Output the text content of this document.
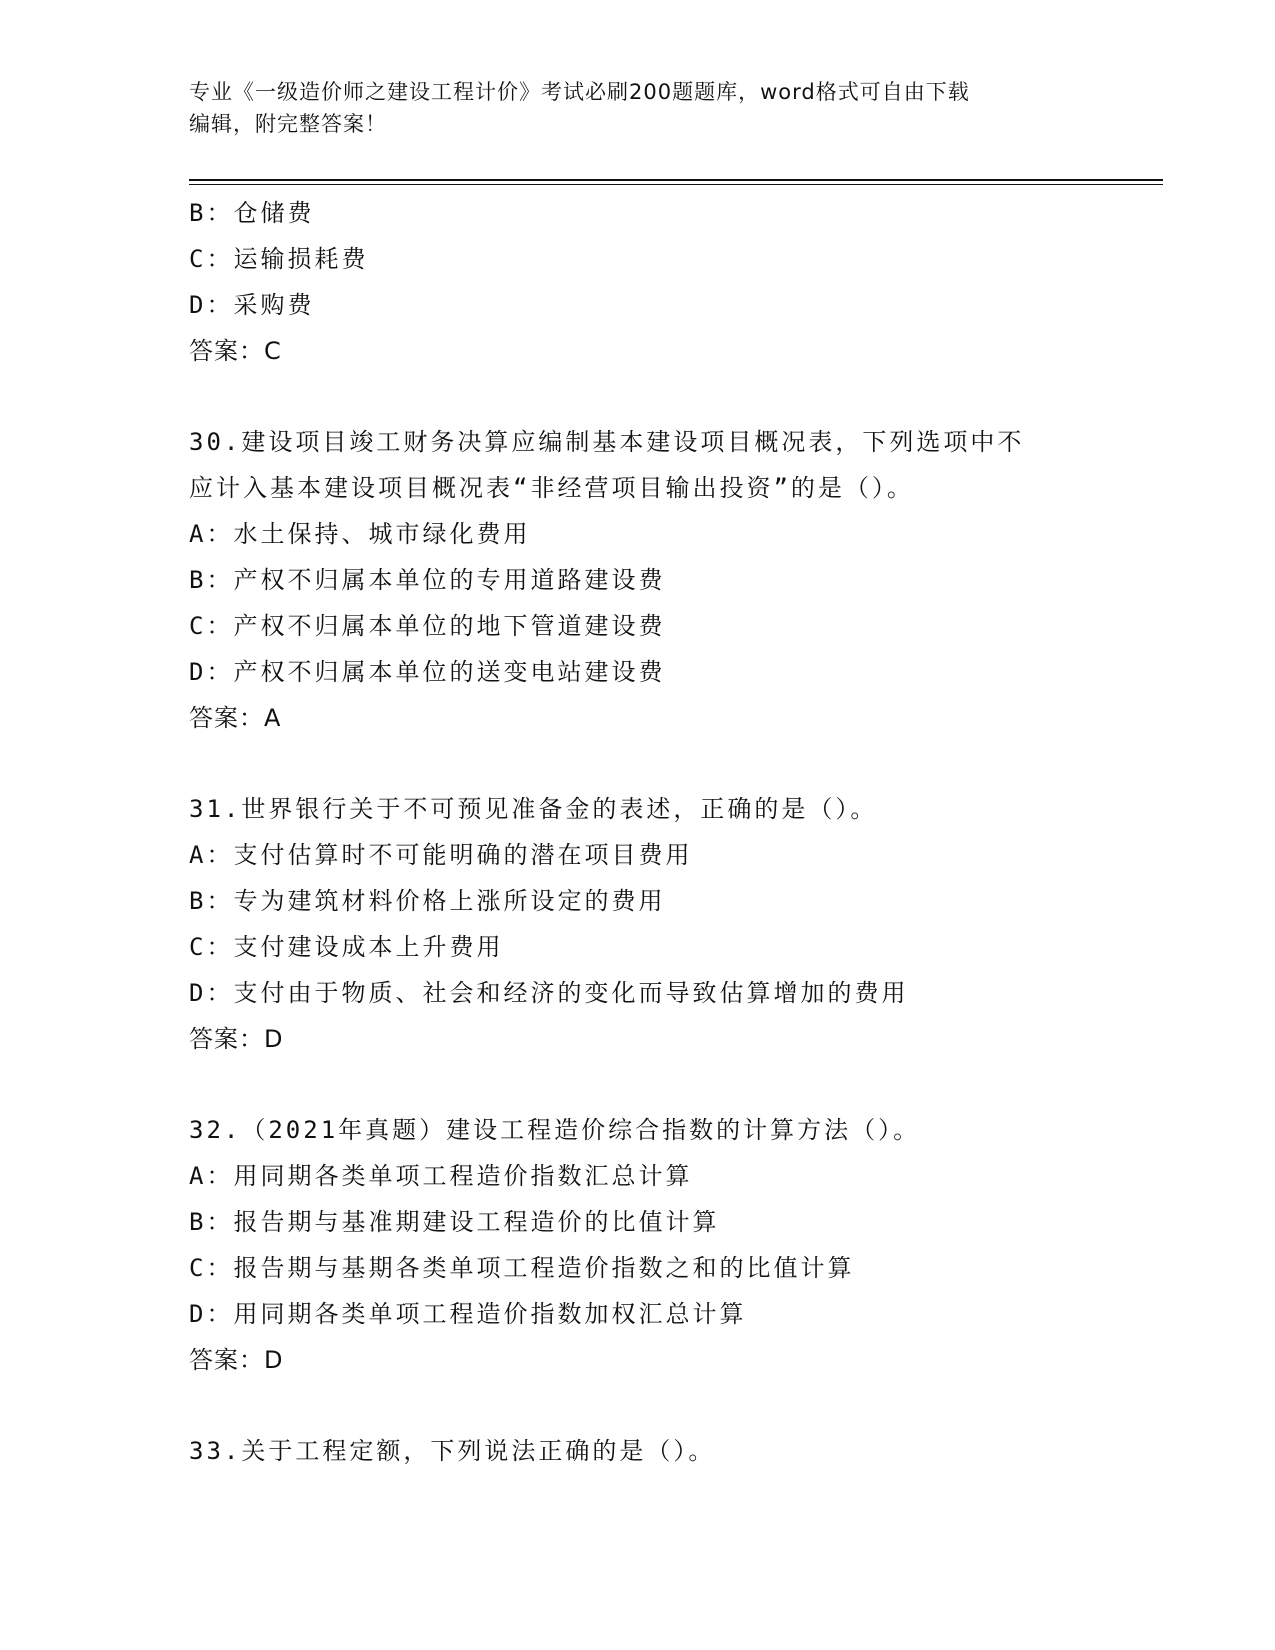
专业《一级造价师之建设工程计价》考试必刷200题题库，word格式可自由下载
编辑，附完整答案！
B：仓储费
C：运输损耗费
D：采购费
答案：C
30.建设项目竣工财务决算应编制基本建设项目概况表，下列选项中不
应计入基本建设项目概况表“非经营项目输出投资”的是（）。
A：水土保持、城市绿化费用
B：产权不归属本单位的专用道路建设费
C：产权不归属本单位的地下管道建设费
D：产权不归属本单位的送变电站建设费
答案：A
31.世界银行关于不可预见准备金的表述，正确的是（）。
A：支付估算时不可能明确的潜在项目费用
B：专为建筑材料价格上涨所设定的费用
C：支付建设成本上升费用
D：支付由于物质、社会和经济的变化而导致估算增加的费用
答案：D
32.（2021年真题）建设工程造价综合指数的计算方法（）。
A：用同期各类单项工程造价指数汇总计算
B：报告期与基准期建设工程造价的比值计算
C：报告期与基期各类单项工程造价指数之和的比值计算
D：用同期各类单项工程造价指数加权汇总计算
答案：D
33.关于工程定额，下列说法正确的是（）。
